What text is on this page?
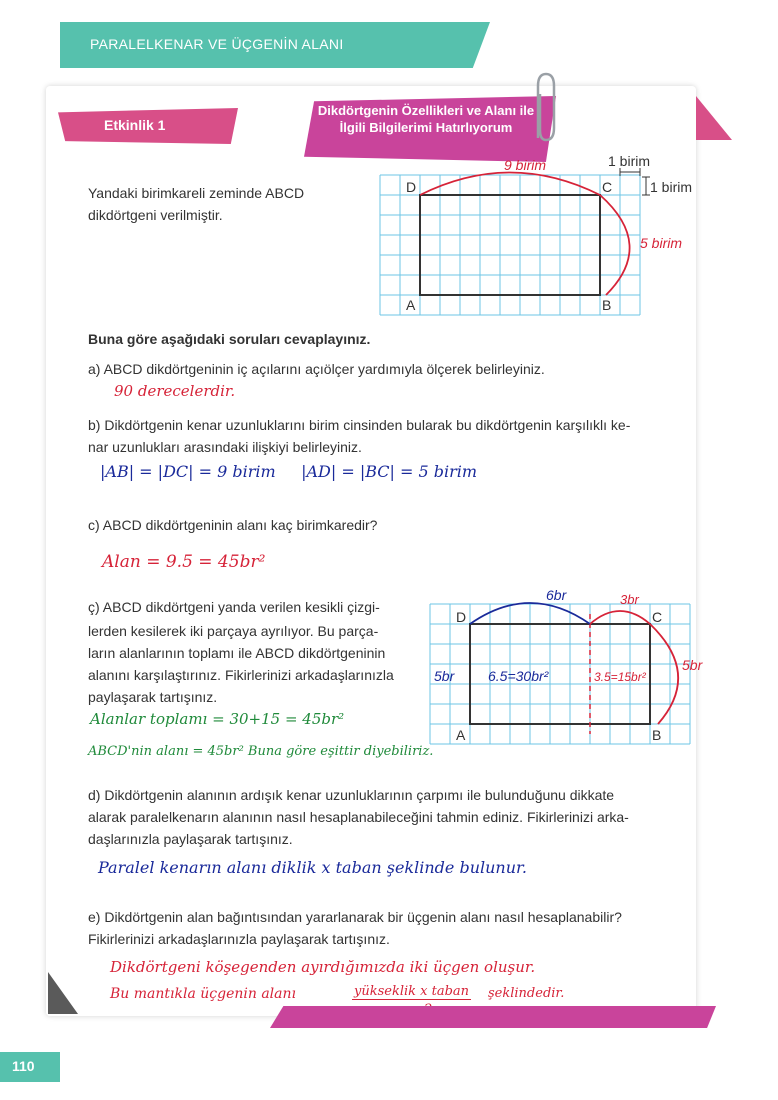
PARALELKENAR VE ÜÇGENİN ALANI
Etkinlik 1
Dikdörtgenin Özellikleri ve Alanı ile İlgili Bilgilerimi Hatırlıyorum
Yandaki birimkareli zeminde ABCD
dikdörtgeni verilmiştir.
1 birim
1 birim
D	C
A	B
9 birim
5 birim
Buna göre aşağıdaki soruları cevaplayınız.
a) ABCD dikdörtgeninin iç açılarını açıölçer yardımıyla ölçerek belirleyiniz.
90 derecelerdir.
b) Dikdörtgenin kenar uzunluklarını birim cinsinden bularak bu dikdörtgenin karşılıklı ke-
nar uzunlukları arasındaki ilişkiyi belirleyiniz.
|AB| = |DC| = 9 birim     |AD| = |BC| = 5 birim
c) ABCD dikdörtgeninin alanı kaç birimkaredir?
Alan = 9.5 = 45br²
ç) ABCD dikdörtgeni yanda verilen kesikli çizgi-
lerden kesilerek iki parçaya ayrılıyor. Bu parça-
ların alanlarının toplamı ile ABCD dikdörtgeninin
alanını karşılaştırınız. Fikirlerinizi arkadaşlarınızla
paylaşarak tartışınız.
Alanlar toplamı = 30+15 = 45br²
ABCD'nin alanı = 45br² Buna göre eşittir diyebiliriz.
D	C
A	B
6br	3br
5br
5br
6.5=30br²	3.5=15br²
d) Dikdörtgenin alanının ardışık kenar uzunluklarının çarpımı ile bulunduğunu dikkate
alarak paralelkenarın alanının nasıl hesaplanabileceğini tahmin ediniz. Fikirlerinizi arka-
daşlarınızla paylaşarak tartışınız.
Paralel kenarın alanı diklik x taban şeklinde bulunur.
e) Dikdörtgenin alan bağıntısından yararlanarak bir üçgenin alanı nasıl hesaplanabilir?
Fikirlerinizi arkadaşlarınızla paylaşarak tartışınız.
Dikdörtgeni köşegenden ayırdığımızda iki üçgen oluşur.
Bu mantıkla üçgenin alanı	yükseklik x taban şeklindedir.
110
